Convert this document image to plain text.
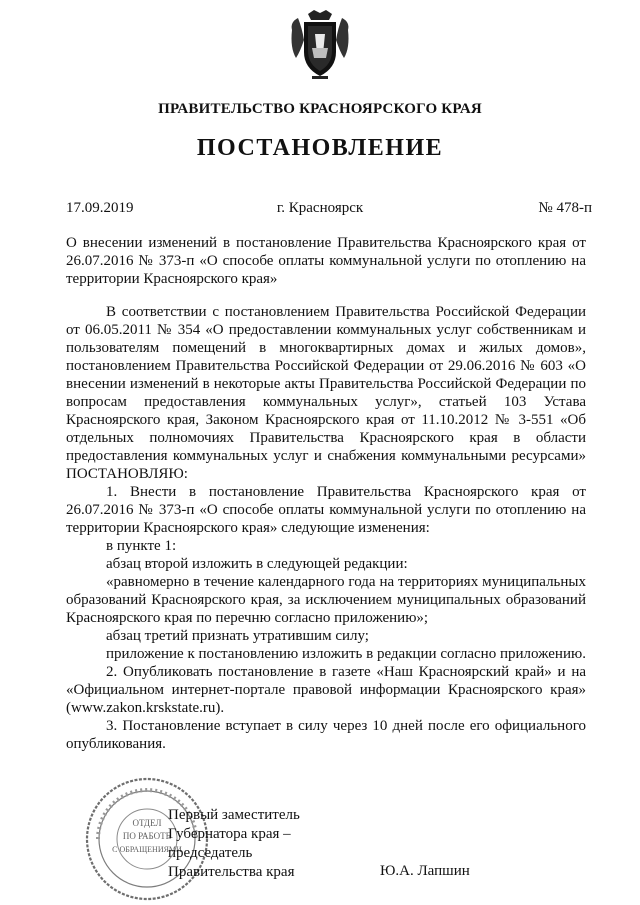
ПРАВИТЕЛЬСТВО КРАСНОЯРСКОГО КРАЯ
ПОСТАНОВЛЕНИЕ
17.09.2019	г. Красноярск	№ 478-п
О внесении изменений в постановление Правительства Красноярского края от 26.07.2016 № 373-п «О способе оплаты коммунальной услуги по отоплению на территории Красноярского края»

В соответствии с постановлением Правительства Российской Федерации от 06.05.2011 № 354 «О предоставлении коммунальных услуг собственникам и пользователям помещений в многоквартирных домах и жилых домов», постановлением Правительства Российской Федерации от 29.06.2016 № 603 «О внесении изменений в некоторые акты Правительства Российской Федерации по вопросам предоставления коммунальных услуг», статьей 103 Устава Красноярского края, Законом Красноярского края от 11.10.2012 № 3-551 «Об отдельных полномочиях Правительства Красноярского края в области предоставления коммунальных услуг и снабжения коммунальными ресурсами» ПОСТАНОВЛЯЮ:

1. Внести в постановление Правительства Красноярского края от 26.07.2016 № 373-п «О способе оплаты коммунальной услуги по отоплению на территории Красноярского края» следующие изменения:

в пункте 1:

абзац второй изложить в следующей редакции:

«равномерно в течение календарного года на территориях муниципальных образований Красноярского края, за исключением муниципальных образований Красноярского края по перечню согласно приложению»;

абзац третий признать утратившим силу;

приложение к постановлению изложить в редакции согласно приложению.

2. Опубликовать постановление в газете «Наш Красноярский край» и на «Официальном интернет-портале правовой информации Красноярского края» (www.zakon.krskstate.ru).

3. Постановление вступает в силу через 10 дней после его официального опубликования.

ОТДЕЛ
ПО РАБОТЕ
С ОБРАЩЕНИЯМИ
Первый заместитель
Губернатора края –
председатель
Правительства края	Ю.А. Лапшин
